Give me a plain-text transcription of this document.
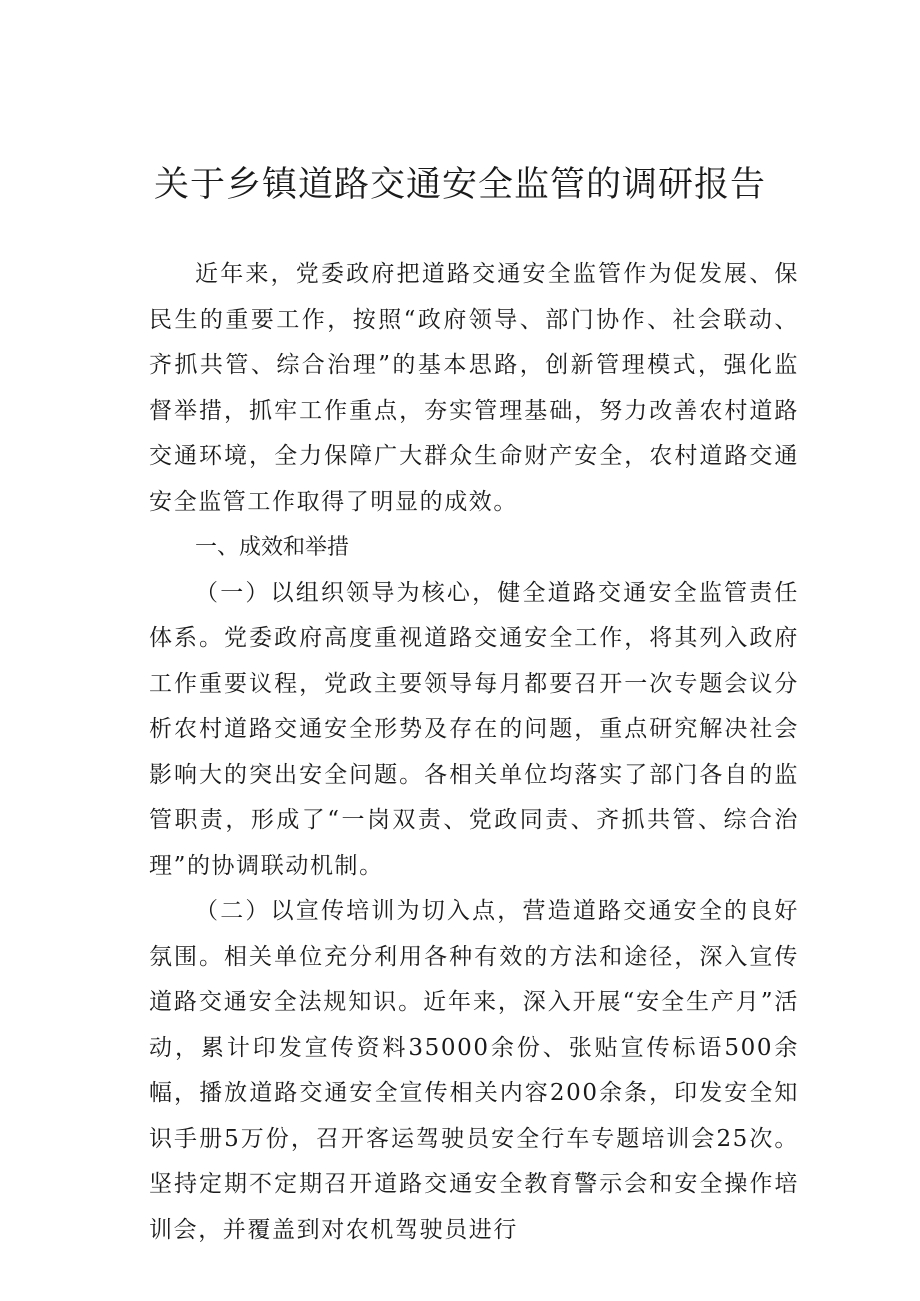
关于乡镇道路交通安全监管的调研报告

近年来，党委政府把道路交通安全监管作为促发展、保民生的重要工作，按照“政府领导、部门协作、社会联动、齐抓共管、综合治理”的基本思路，创新管理模式，强化监督举措，抓牢工作重点，夯实管理基础，努力改善农村道路交通环境，全力保障广大群众生命财产安全，农村道路交通安全监管工作取得了明显的成效。

一、成效和举措

（一）以组织领导为核心，健全道路交通安全监管责任体系。党委政府高度重视道路交通安全工作，将其列入政府工作重要议程，党政主要领导每月都要召开一次专题会议分析农村道路交通安全形势及存在的问题，重点研究解决社会影响大的突出安全问题。各相关单位均落实了部门各自的监管职责，形成了“一岗双责、党政同责、齐抓共管、综合治理”的协调联动机制。

（二）以宣传培训为切入点，营造道路交通安全的良好氛围。相关单位充分利用各种有效的方法和途径，深入宣传道路交通安全法规知识。近年来，深入开展“安全生产月”活动，累计印发宣传资料35000余份、张贴宣传标语500余幅，播放道路交通安全宣传相关内容200余条，印发安全知识手册5万份，召开客运驾驶员安全行车专题培训会25次。坚持定期不定期召开道路交通安全教育警示会和安全操作培训会，并覆盖到对农机驾驶员进行
